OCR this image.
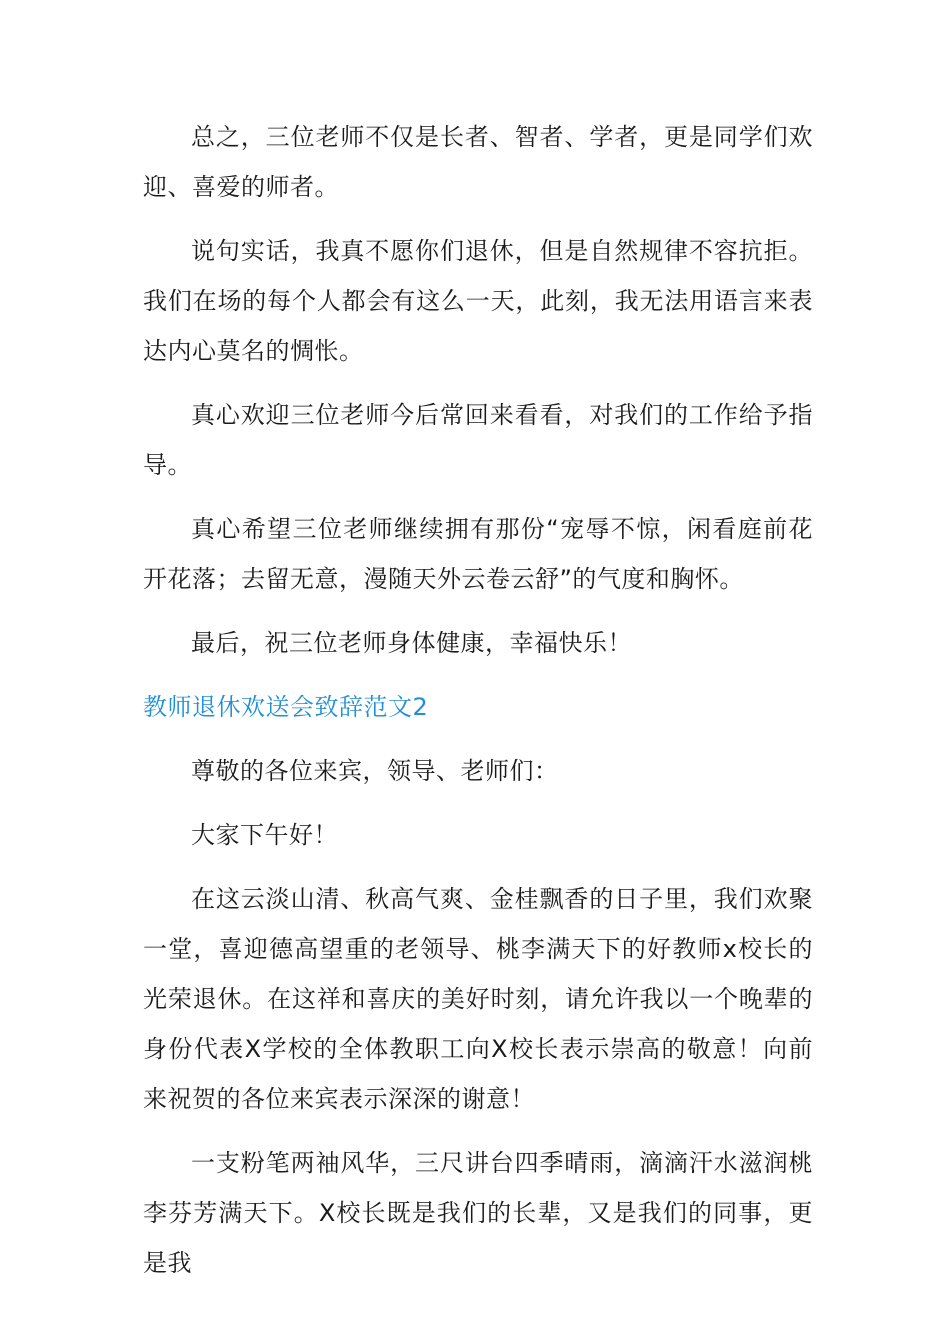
总之，三位老师不仅是长者、智者、学者，更是同学们欢迎、喜爱的师者。

说句实话，我真不愿你们退休，但是自然规律不容抗拒。我们在场的每个人都会有这么一天，此刻，我无法用语言来表达内心莫名的惆怅。

真心欢迎三位老师今后常回来看看，对我们的工作给予指导。

真心希望三位老师继续拥有那份“宠辱不惊，闲看庭前花开花落；去留无意，漫随天外云卷云舒”的气度和胸怀。

最后，祝三位老师身体健康，幸福快乐！

教师退休欢送会致辞范文2

尊敬的各位来宾，领导、老师们：

大家下午好！

在这云淡山清、秋高气爽、金桂飘香的日子里，我们欢聚一堂，喜迎德高望重的老领导、桃李满天下的好教师x校长的光荣退休。在这祥和喜庆的美好时刻，请允许我以一个晚辈的身份代表X学校的全体教职工向X校长表示崇高的敬意！向前来祝贺的各位来宾表示深深的谢意！

一支粉笔两袖风华，三尺讲台四季晴雨，滴滴汗水滋润桃李芬芳满天下。X校长既是我们的长辈，又是我们的同事，更是我
